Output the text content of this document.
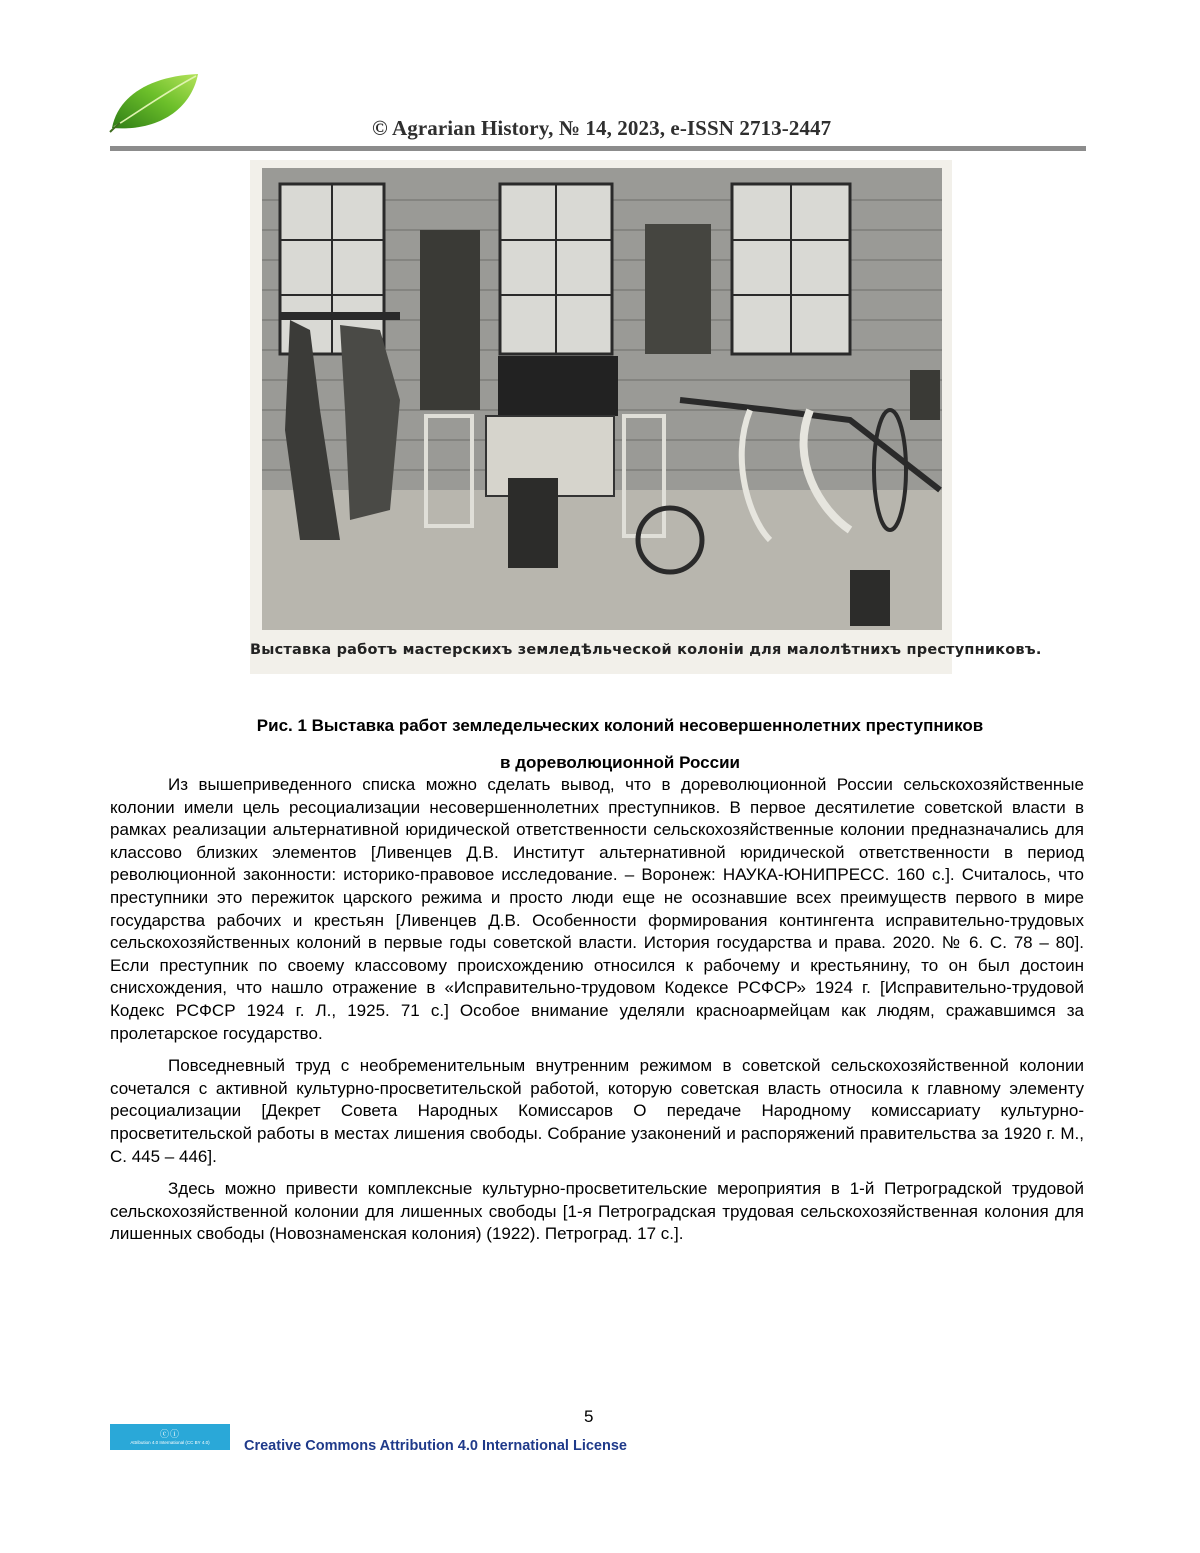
© Agrarian History, № 14, 2023, e-ISSN 2713-2447
Выставка работъ мастерскихъ земледѣльческой колоніи для малолѣтнихъ преступниковъ.
Рис. 1 Выставка работ земледельческих колоний несовершеннолетних преступников
в дореволюционной России

Из вышеприведенного списка можно сделать вывод, что в дореволюционной России сельскохозяйственные колонии имели цель ресоциализации несовершеннолетних преступников. В первое десятилетие советской власти в рамках реализации альтернативной юридической ответственности сельскохозяйственные колонии предназначались для классово близких элементов [Ливенцев Д.В. Институт альтернативной юридической ответственности в период революционной законности: историко-правовое исследование. – Воронеж: НАУКА-ЮНИПРЕСС. 160 с.]. Считалось, что преступники это пережиток царского режима и просто люди еще не осознавшие всех преимуществ первого в мире государства рабочих и крестьян [Ливенцев Д.В. Особенности формирования контингента исправительно-трудовых сельскохозяйственных колоний в первые годы советской власти. История государства и права. 2020. № 6. С. 78 – 80]. Если преступник по своему классовому происхождению относился к рабочему и крестьянину, то он был достоин снисхождения, что нашло отражение в «Исправительно-трудовом Кодексе РСФСР» 1924 г. [Исправительно-трудовой Кодекс РСФСР 1924 г. Л., 1925. 71 с.] Особое внимание уделяли красноармейцам как людям, сражавшимся за пролетарское государство.

Повседневный труд с необременительным внутренним режимом в советской сельскохозяйственной колонии сочетался с активной культурно-просветительской работой, которую советская власть относила к главному элементу ресоциализации [Декрет Совета Народных Комиссаров О передаче Народному комиссариату культурно-просветительской работы в местах лишения свободы. Собрание узаконений и распоряжений правительства за 1920 г. М., С. 445 – 446].

Здесь можно привести комплексные культурно-просветительские мероприятия в 1-й Петроградской трудовой сельскохозяйственной колонии для лишенных свободы [1-я Петроградская трудовая сельскохозяйственная колония для лишенных свободы (Новознаменская колония) (1922). Петроград. 17 с.].

5
ⓒⓘ
Attribution 4.0 International (CC BY 4.0)	Creative Commons Attribution 4.0 International License
